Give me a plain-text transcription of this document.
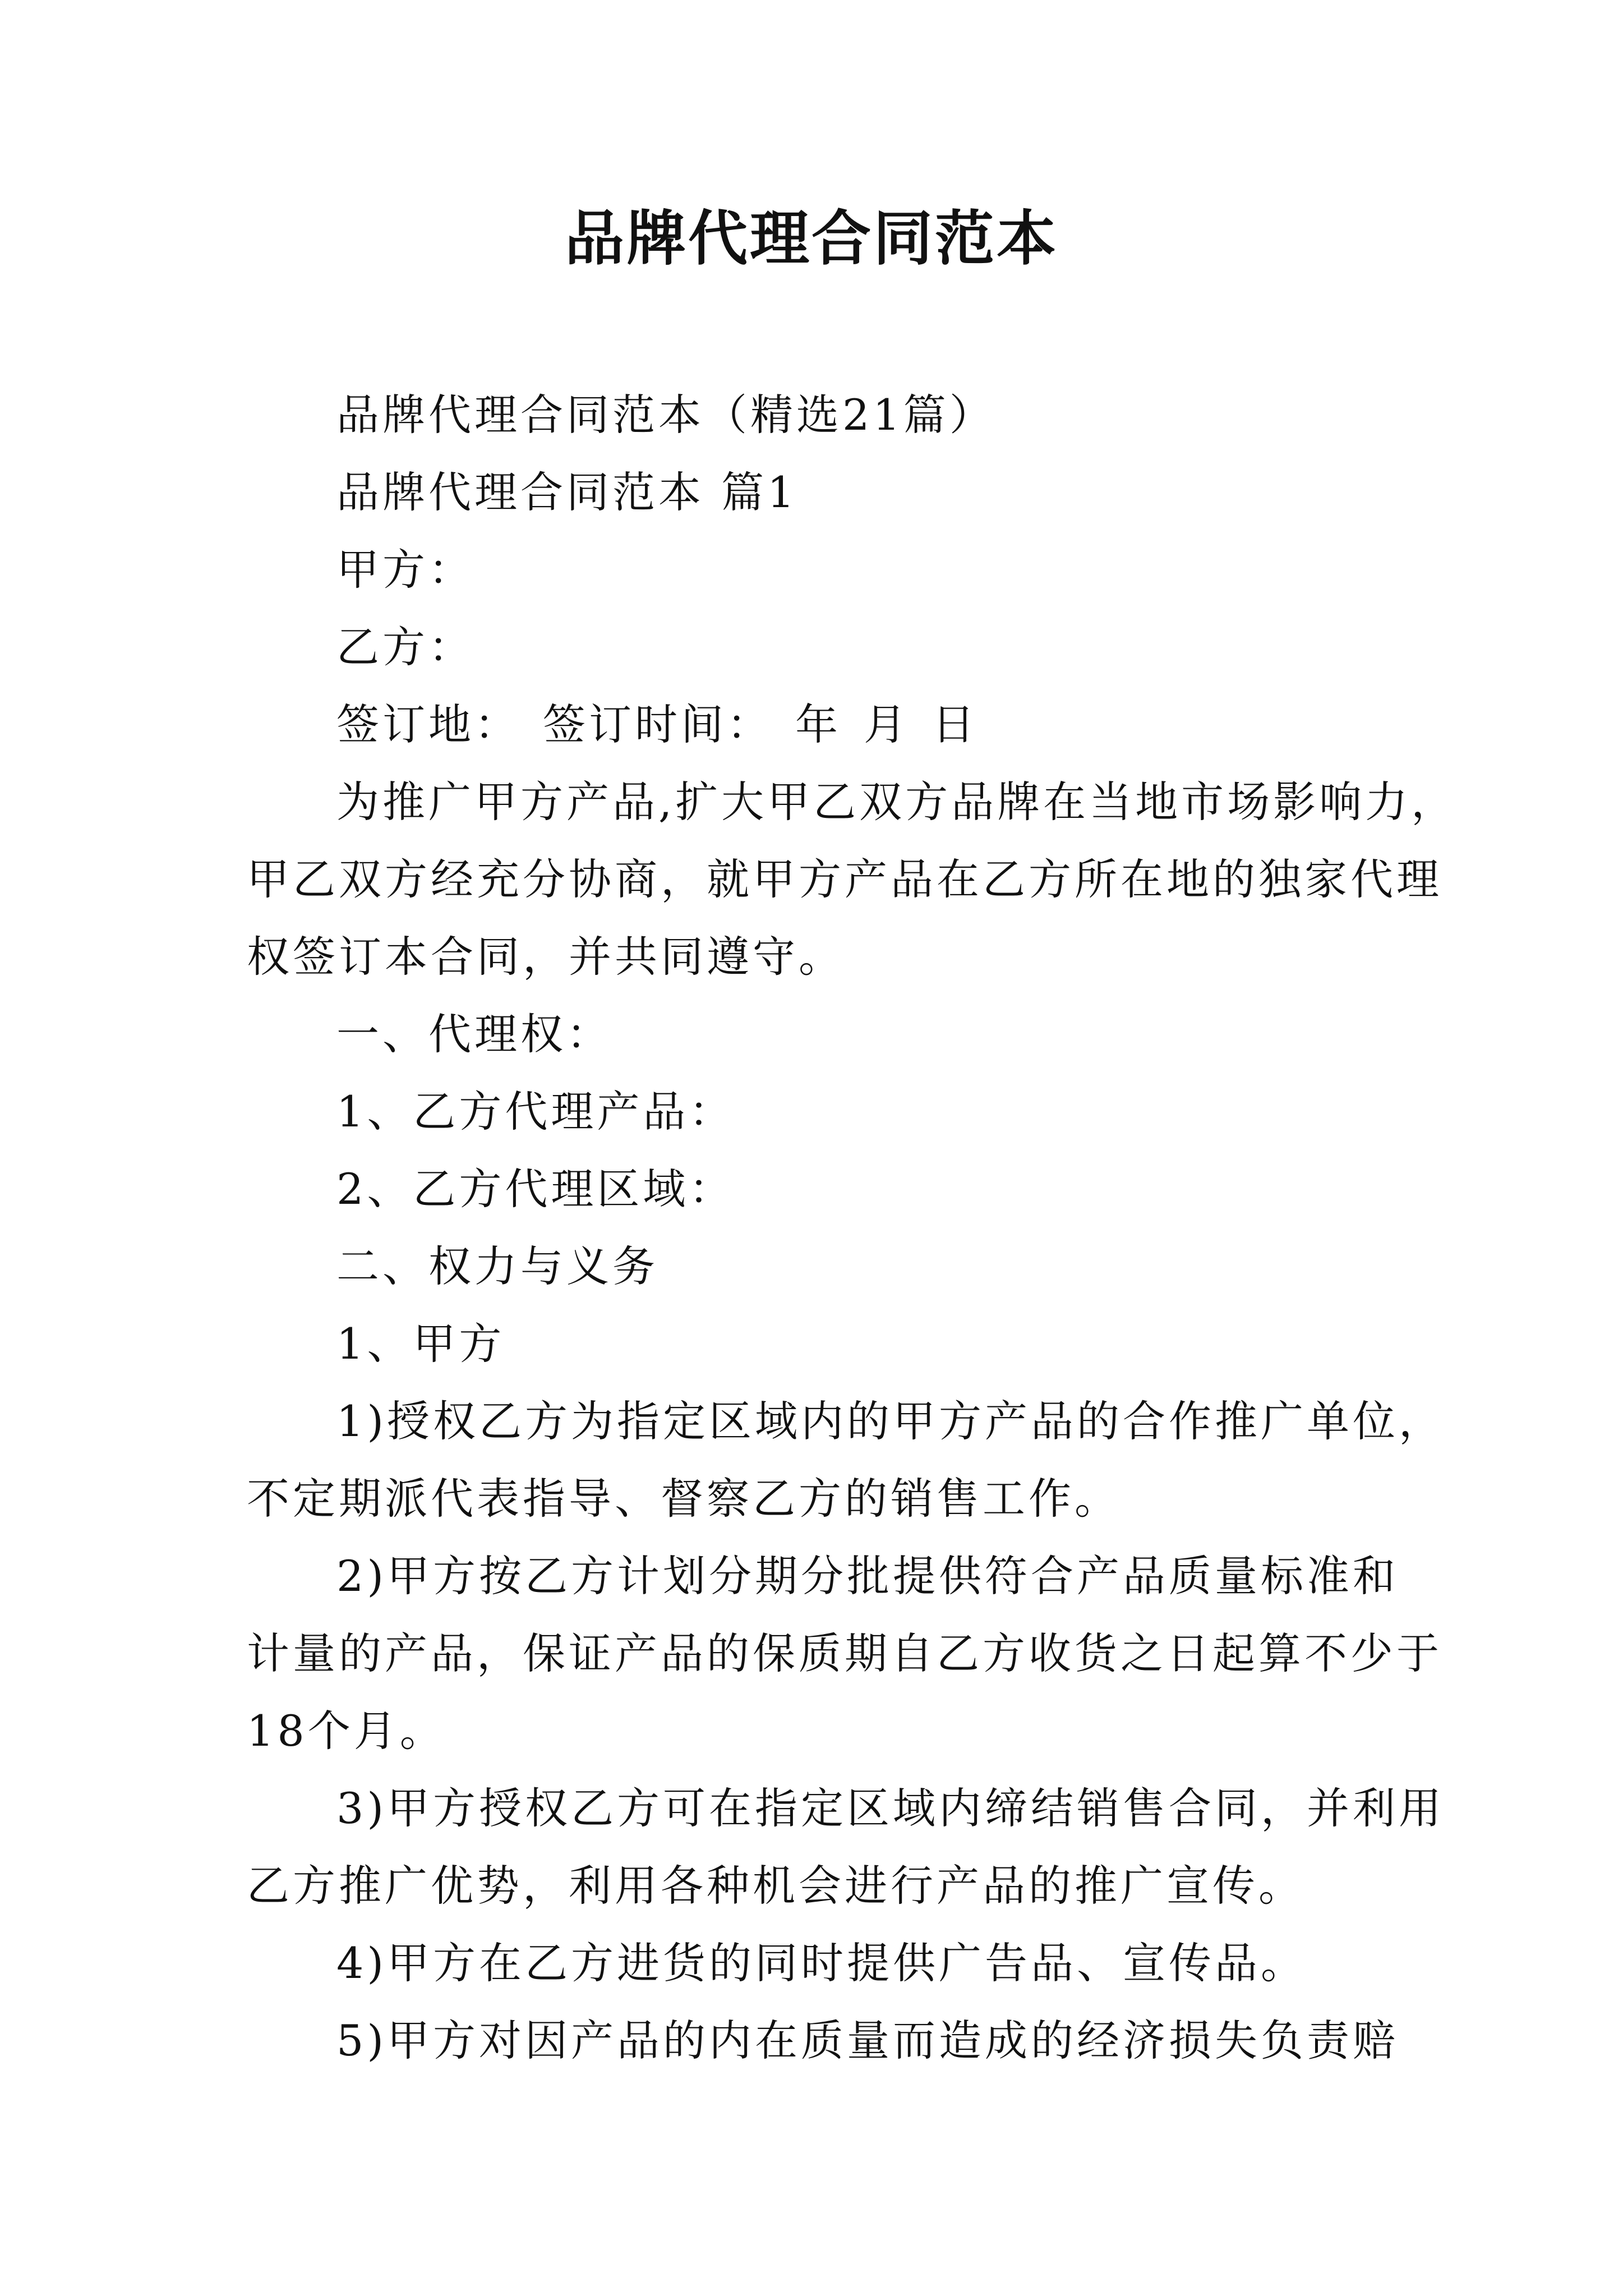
品牌代理合同范本
品牌代理合同范本（精选21篇）
品牌代理合同范本 篇1
甲方：
乙方：
签订地： 签订时间： 年 月 日
为推广甲方产品,扩大甲乙双方品牌在当地市场影响力，
甲乙双方经充分协商，就甲方产品在乙方所在地的独家代理
权签订本合同，并共同遵守。
一、代理权：
1、乙方代理产品：
2、乙方代理区域：
二、权力与义务
1、甲方
1)授权乙方为指定区域内的甲方产品的合作推广单位，
不定期派代表指导、督察乙方的销售工作。
2)甲方按乙方计划分期分批提供符合产品质量标准和
计量的产品，保证产品的保质期自乙方收货之日起算不少于
18个月。
3)甲方授权乙方可在指定区域内缔结销售合同，并利用
乙方推广优势，利用各种机会进行产品的推广宣传。
4)甲方在乙方进货的同时提供广告品、宣传品。
5)甲方对因产品的内在质量而造成的经济损失负责赔
